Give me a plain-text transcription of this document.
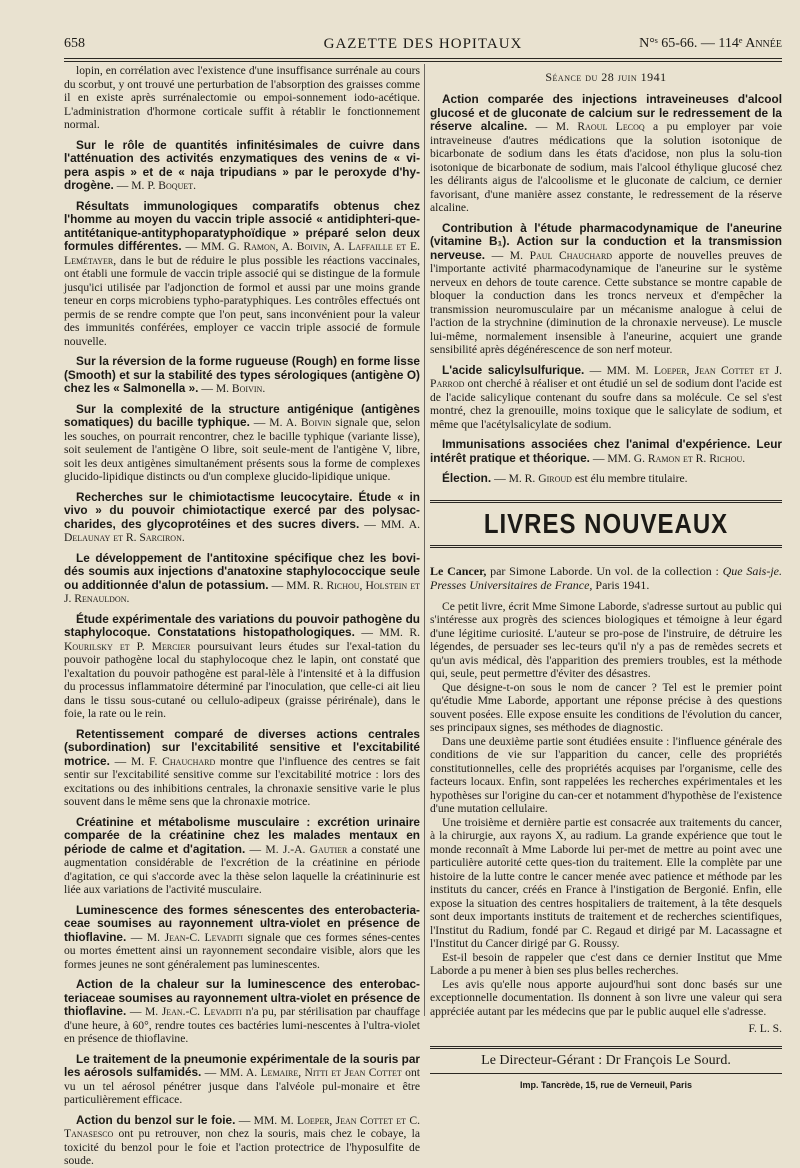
658	GAZETTE DES HOPITAUX	N°ˢ 65-66. — 114ᵉ Année

lopin, en corrélation avec l'existence d'une insuffisance surrénale au cours du scorbut, y ont trouvé une perturbation de l'absorption des graisses comme il en existe après surrénalectomie ou empoi-sonnement iodo-acétique. L'administration d'hormone corticale suffit à rétablir le fonctionnement normal.

Sur le rôle de quantités infinitésimales de cuivre dans l'atténuation des activités enzymatiques des venins de « vi-pera aspis » et de « naja tripudians » par le peroxyde d'hy-drogène. — M. P. Boquet.

Résultats immunologiques comparatifs obtenus chez l'homme au moyen du vaccin triple associé « antidiphteri-que-antitétanique-antityphoparatyphoïdique » préparé selon deux formules différentes. — MM. G. Ramon, A. Boivin, A. Laffaille et E. Lemétayer, dans le but de réduire le plus possible les réactions vaccinales, ont établi une formule de vaccin triple associé qui se distingue de la formule jusqu'ici utilisée par l'adjonction de formol et aussi par une moins grande teneur en corps microbiens typho-paratyphiques. Les contrôles effectués ont permis de se rendre compte que l'on peut, sans inconvénient pour la valeur des immunités conférées, employer ce vaccin triple associé de formule nouvelle.

Sur la réversion de la forme rugueuse (Rough) en forme lisse (Smooth) et sur la stabilité des types sérologiques (antigène O) chez les « Salmonella ». — M. Boivin.

Sur la complexité de la structure antigénique (antigènes somatiques) du bacille typhique. — M. A. Boivin signale que, selon les souches, on pourrait rencontrer, chez le bacille typhique (variante lisse), soit seulement de l'antigène O libre, soit seule-ment de l'antigène V, libre, soit les deux antigènes simultanément présents sous la forme de complexes glucido-lipidique distincts ou d'un complexe glucido-lipidique unique.

Recherches sur le chimiotactisme leucocytaire. Étude « in vivo » du pouvoir chimiotactique exercé par des polysac-charides, des glycoprotéines et des sucres divers. — MM. A. Delaunay et R. Sarciron.

Le développement de l'antitoxine spécifique chez les bovi-dés soumis aux injections d'anatoxine staphylococcique seule ou additionnée d'alun de potassium. — MM. R. Richou, Holstein et J. Renauldon.

Étude expérimentale des variations du pouvoir pathogène du staphylocoque. Constatations histopathologiques. — MM. R. Kourilsky et P. Mercier poursuivant leurs études sur l'exal-tation du pouvoir pathogène local du staphylocoque chez le lapin, ont constaté que l'exaltation du pouvoir pathogène est paral-lèle à l'intensité et à la diffusion du processus inflammatoire déterminé par l'inoculation, que celle-ci ait lieu dans le tissu sous-cutané ou cellulo-adipeux (graisse périrénale), dans le foie, la rate ou le rein.

Retentissement comparé de diverses actions centrales (subordination) sur l'excitabilité sensitive et l'excitabilité motrice. — M. F. Chauchard montre que l'influence des centres se fait sentir sur l'excitabilité sensitive comme sur l'excitabilité motrice : lors des excitations ou des inhibitions centrales, la chronaxie sensitive varie le plus souvent dans le même sens que la chronaxie motrice.

Créatinine et métabolisme musculaire : excrétion urinaire comparée de la créatinine chez les malades mentaux en période de calme et d'agitation. — M. J.-A. Gautier a constaté une augmentation considérable de l'excrétion de la créatinine en période d'agitation, ce qui s'accorde avec la thèse selon laquelle la créatininurie est liée aux variations de l'activité musculaire.

Luminescence des formes sénescentes des enterobacteria-ceae soumises au rayonnement ultra-violet en présence de thioflavine. — M. Jean-C. Levaditi signale que ces formes sénes-centes ou mortes émettent ainsi un rayonnement secondaire visible, alors que les formes jeunes ne sont généralement pas luminescentes.

Action de la chaleur sur la luminescence des enterobac-teriaceae soumises au rayonnement ultra-violet en présence de thioflavine. — M. Jean.-C. Levaditi n'a pu, par stérilisation par chauffage d'une heure, à 60°, rendre toutes ces bactéries lumi-nescentes à l'ultra-violet en présence de thioflavine.

Le traitement de la pneumonie expérimentale de la souris par les aérosols sulfamidés. — MM. A. Lemaire, Nitti et Jean Cottet ont vu un tel aérosol pénétrer jusque dans l'alvéole pul-monaire et être particulièrement efficace.

Action du benzol sur le foie. — MM. M. Loeper, Jean Cottet et C. Tanasesco ont pu retrouver, non chez la souris, mais chez le cobaye, la toxicité du benzol pour le foie et l'action protectrice de l'hyposulfite de soude.

Séance du 28 juin 1941

Action comparée des injections intraveineuses d'alcool glucosé et de gluconate de calcium sur le redressement de la réserve alcaline. — M. Raoul Lecoq a pu employer par voie intraveineuse d'autres médications que la solution isotonique de bicarbonate de sodium dans les états d'acidose, non plus la solu-tion isotonique de bicarbonate de sodium, mais l'alcool éthylique glucosé chez les délirants aigus de l'alcoolisme et le gluconate de calcium, ce dernier favorisant, d'une manière assez constante, le redressement de la réserve alcaline.

Contribution à l'étude pharmacodynamique de l'aneurine (vitamine B₁). Action sur la conduction et la transmission nerveuse. — M. Paul Chauchard apporte de nouvelles preuves de l'importante activité pharmacodynamique de l'aneurine sur le système nerveux en dehors de toute carence. Cette substance se montre capable de bloquer la conduction dans les troncs nerveux et d'empêcher la transmission neuromusculaire par un mécanisme analogue à celui de l'action de la strychnine (diminution de la chronaxie nerveuse). Le muscle lui-même, normalement insensible à l'aneurine, acquiert une grande sensibilité après dégénérescence de son nerf moteur.

L'acide salicylsulfurique. — MM. M. Loeper, Jean Cottet et J. Parrod ont cherché à réaliser et ont étudié un sel de sodium dont l'acide est de l'acide salicylique contenant du soufre dans sa molécule. Ce sel s'est montré, chez la grenouille, moins toxique que le salicylate de sodium, et même que l'acétylsalicylate de sodium.

Immunisations associées chez l'animal d'expérience. Leur intérêt pratique et théorique. — MM. G. Ramon et R. Richou.

Élection. — M. R. Giroud est élu membre titulaire.

LIVRES NOUVEAUX

Le Cancer, par Simone Laborde. Un vol. de la collection : Que Sais-je. Presses Universitaires de France, Paris 1941.

Ce petit livre, écrit Mme Simone Laborde, s'adresse surtout au public qui s'intéresse aux progrès des sciences biologiques et témoigne à leur égard d'une légitime curiosité. L'auteur se pro-pose de l'instruire, de détruire les légendes, de persuader ses lec-teurs qu'il n'y a pas de remèdes secrets et qu'un avis médical, dès l'apparition des premiers troubles, est la méthode qui, seule, peut permettre d'éviter des désastres.

Que désigne-t-on sous le nom de cancer ? Tel est le premier point qu'étudie Mme Laborde, apportant une réponse précise à des questions souvent posées. Elle expose ensuite les conditions de l'évolution du cancer, ses principaux signes, ses méthodes de diagnostic.

Dans une deuxième partie sont étudiées ensuite : l'influence générale des conditions de vie sur l'apparition du cancer, celle des propriétés constitutionnelles, celle des propriétés acquises par l'organisme, celle des facteurs locaux. Enfin, sont rappelées les recherches expérimentales et les hypothèses sur l'origine du can-cer et notamment d'hypothèse de l'existence d'une mutation cellulaire.

Une troisième et dernière partie est consacrée aux traitements du cancer, à la chirurgie, aux rayons X, au radium. La grande expérience que tout le monde reconnaît à Mme Laborde lui per-met de mettre au point avec une particulière autorité cette ques-tion du traitement. Elle la complète par une histoire de la lutte contre le cancer menée avec patience et méthode par les instituts du cancer, créés en France à l'instigation de Bergonié. Enfin, elle expose la situation des centres hospitaliers de traitement, à la tête desquels sont deux importants instituts de traitement et de recherches scientifiques, l'Institut du Radium, fondé par C. Regaud et dirigé par M. Lacassagne et l'Institut du Cancer dirigé par G. Roussy.

Est-il besoin de rappeler que c'est dans ce dernier Institut que Mme Laborde a pu mener à bien ses plus belles recherches.

Les avis qu'elle nous apporte aujourd'hui sont donc basés sur une exceptionnelle documentation. Ils donnent à son livre une valeur qui sera appréciée autant par les médecins que par le public auquel elle s'adresse.

F. L. S.

Le Directeur-Gérant : Dr François Le Sourd.
Imp. Tancrède, 15, rue de Verneuil, Paris
